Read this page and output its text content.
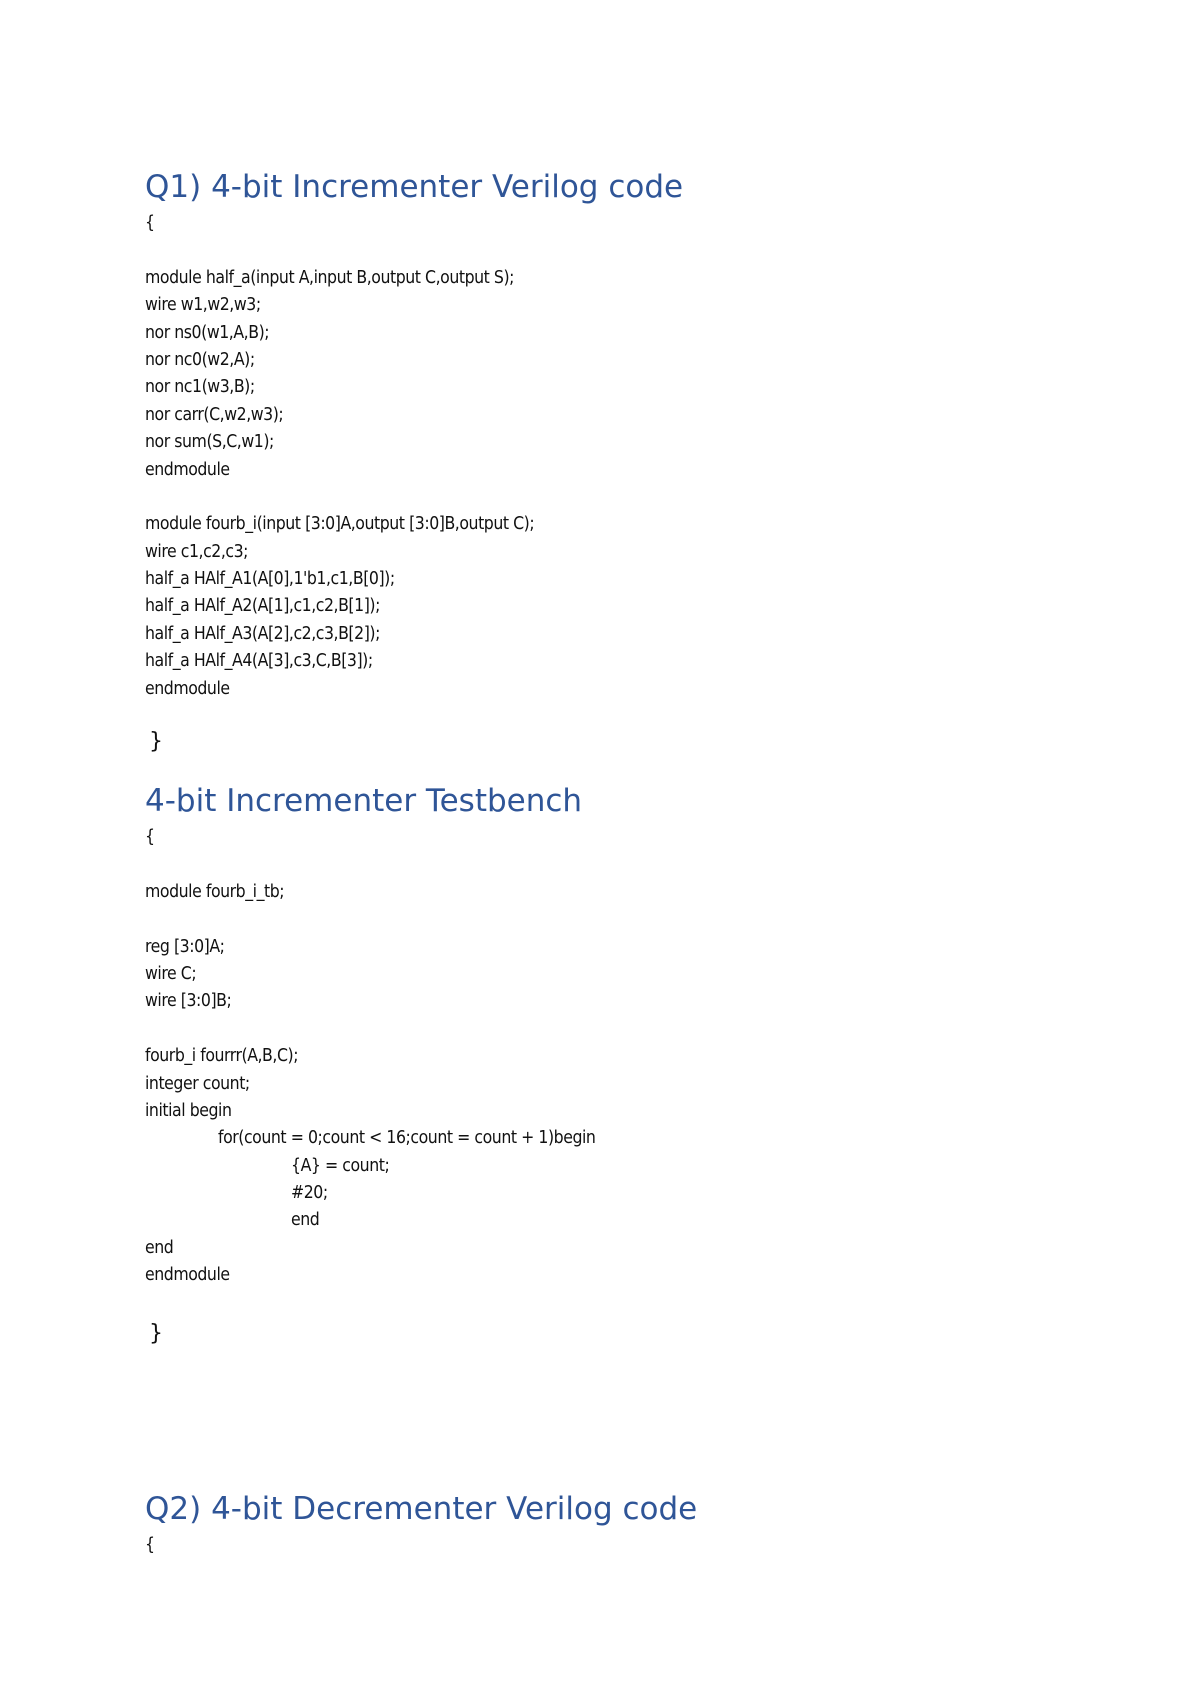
Q1) 4-bit Incrementer Verilog code
{
module half_a(input A,input B,output C,output S);
wire w1,w2,w3;
nor ns0(w1,A,B);
nor nc0(w2,A);
nor nc1(w3,B);
nor carr(C,w2,w3);
nor sum(S,C,w1);
endmodule
module fourb_i(input [3:0]A,output [3:0]B,output C);
wire c1,c2,c3;
half_a HAlf_A1(A[0],1'b1,c1,B[0]);
half_a HAlf_A2(A[1],c1,c2,B[1]);
half_a HAlf_A3(A[2],c2,c3,B[2]);
half_a HAlf_A4(A[3],c3,C,B[3]);
endmodule
}
4-bit Incrementer Testbench
{
module fourb_i_tb;
reg [3:0]A;
wire C;
wire [3:0]B;
fourb_i fourrr(A,B,C);
integer count;
initial begin
for(count = 0;count < 16;count = count + 1)begin
{A} = count;
#20;
end
end
endmodule
}
Q2) 4-bit Decrementer Verilog code
{
